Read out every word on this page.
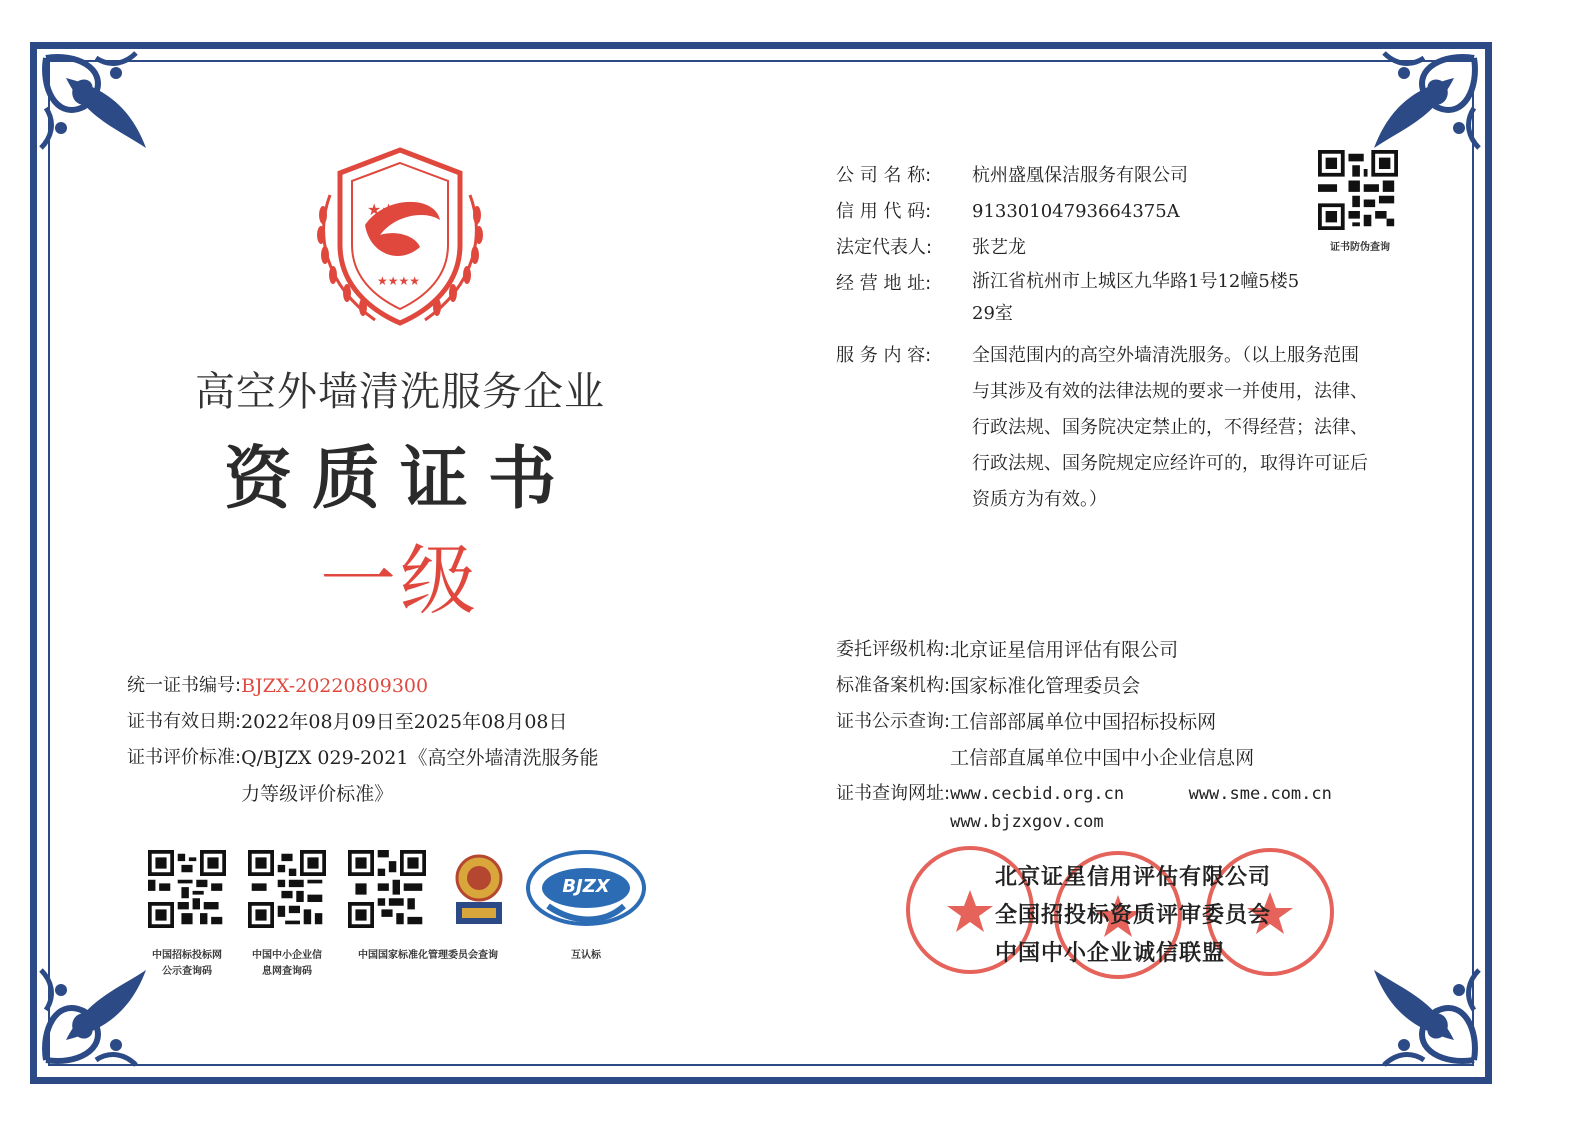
★★★
★★★★
高空外墙清洗服务企业
资质证书
一级
统一证书编号: BJZX-20220809300
证书有效日期: 2022年08月09日至2025年08月08日
证书评价标准: Q/BJZX 029-2021《高空外墙清洗服务能
力等级评价标准》
中国招标投标网
公示查询码
中国中小企业信
息网查询码
中国国家标准化管理委员会查询
BJZX
互认标
公 司 名 称:	杭州盛凰保洁服务有限公司
信 用 代 码:	91330104793664375A
法定代表人:	张艺龙
经 营 地 址:	浙江省杭州市上城区九华路1号12幢5楼5
29室
服 务 内 容:	全国范围内的高空外墙清洗服务。（以上服务范围
与其涉及有效的法律法规的要求一并使用，法律、
行政法规、国务院决定禁止的，不得经营；法律、
行政法规、国务院规定应经许可的，取得许可证后
资质方为有效。）
证书防伪查询
委托评级机构: 北京证星信用评估有限公司
标准备案机构: 国家标准化管理委员会
证书公示查询: 工信部部属单位中国招标投标网
工信部直属单位中国中小企业信息网
证书查询网址: www.cecbid.org.cn	www.sme.com.cn
www.bjzxgov.com
北京证星信用评估有限公司
全国招投标资质评审委员会
中国中小企业诚信联盟
